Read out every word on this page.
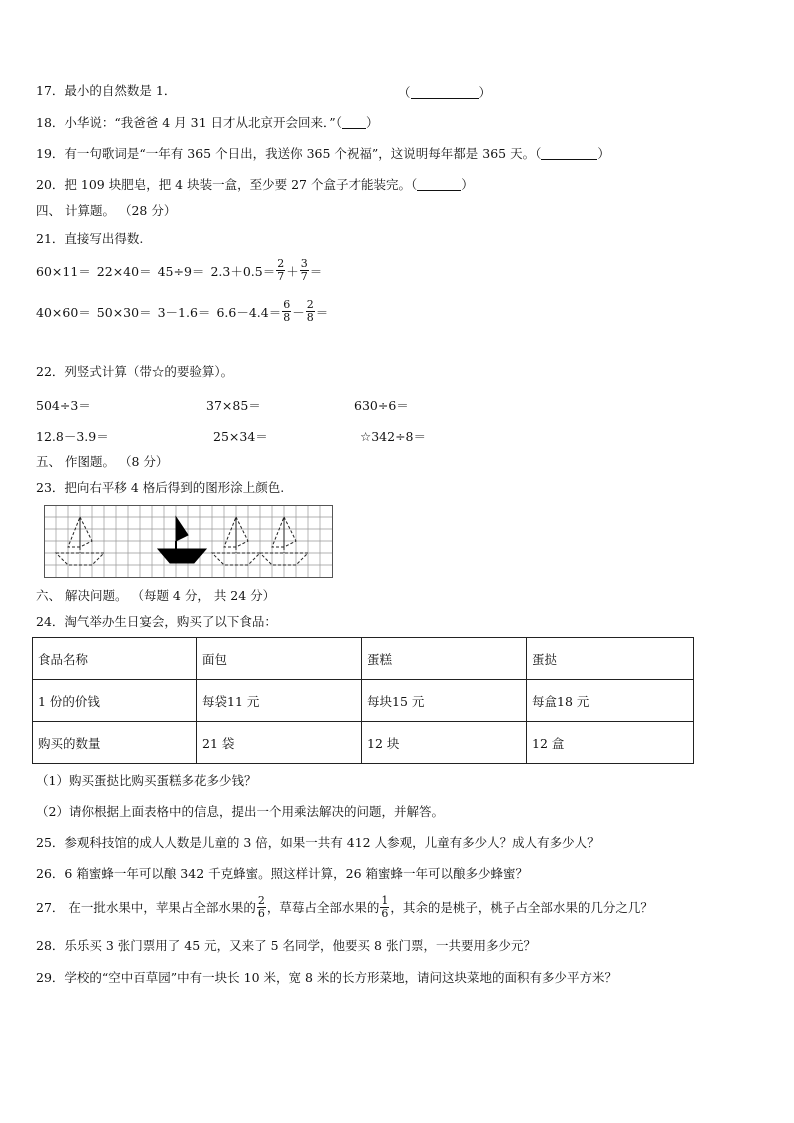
17．最小的自然数是 1．	（	）
18．小华说：“我爸爸 4 月 31 日才从北京开会回来．”（ ）
19．有一句歌词是“一年有 365 个日出，我送你 365 个祝福”，这说明每年都是 365 天。（	）
20．把 109 块肥皂，把 4 块装一盒，至少要 27 个盒子才能装完。（	）
四、 计算题。 （28 分）
21．直接写出得数.
$60\times 11= 22\times 40= 45\div 9= 2.3+0.5= \frac{2}{7} + \frac{3}{7}$ ＝
$40\times 60= 50\times 30= 3-1.6= 6.6-4.4= \frac{6}{8} - \frac{2}{8}$ ＝
22．列竖式计算（带☆的要验算）。
504÷3＝	37×85＝	630÷6＝
12.8－3.9＝	25×34＝	☆342÷8＝
五、 作图题。 （8 分）
23．把向右平移 4 格后得到的图形涂上颜色.
六、 解决问题。 （每题 4 分， 共 24 分）
24．淘气举办生日宴会，购买了以下食品：
食品名称	面包	蛋糕	蛋挞
1 份的价钱	每袋11 元	每块15 元	每盒18 元
购买的数量	21 袋	12 块	12 盒
（1）购买蛋挞比购买蛋糕多花多少钱？
（2）请你根据上面表格中的信息，提出一个用乘法解决的问题，并解答。
25．参观科技馆的成人人数是儿童的 3 倍，如果一共有 412 人参观，儿童有多少人？成人有多少人？
26．6 箱蜜蜂一年可以酿 342 千克蜂蜜。照这样计算，26 箱蜜蜂一年可以酿多少蜂蜜？
27． 在一批水果中，苹果占全部水果的 $\frac{2}{6}$ ，草莓占全部水果的 $\frac{1}{6}$ ，其余的是桃子，桃子占全部水果的几分之几？
28．乐乐买 3 张门票用了 45 元，又来了 5 名同学，他要买 8 张门票，一共要用多少元？
29．学校的“空中百草园”中有一块长 10 米，宽 8 米的长方形菜地，请问这块菜地的面积有多少平方米？
